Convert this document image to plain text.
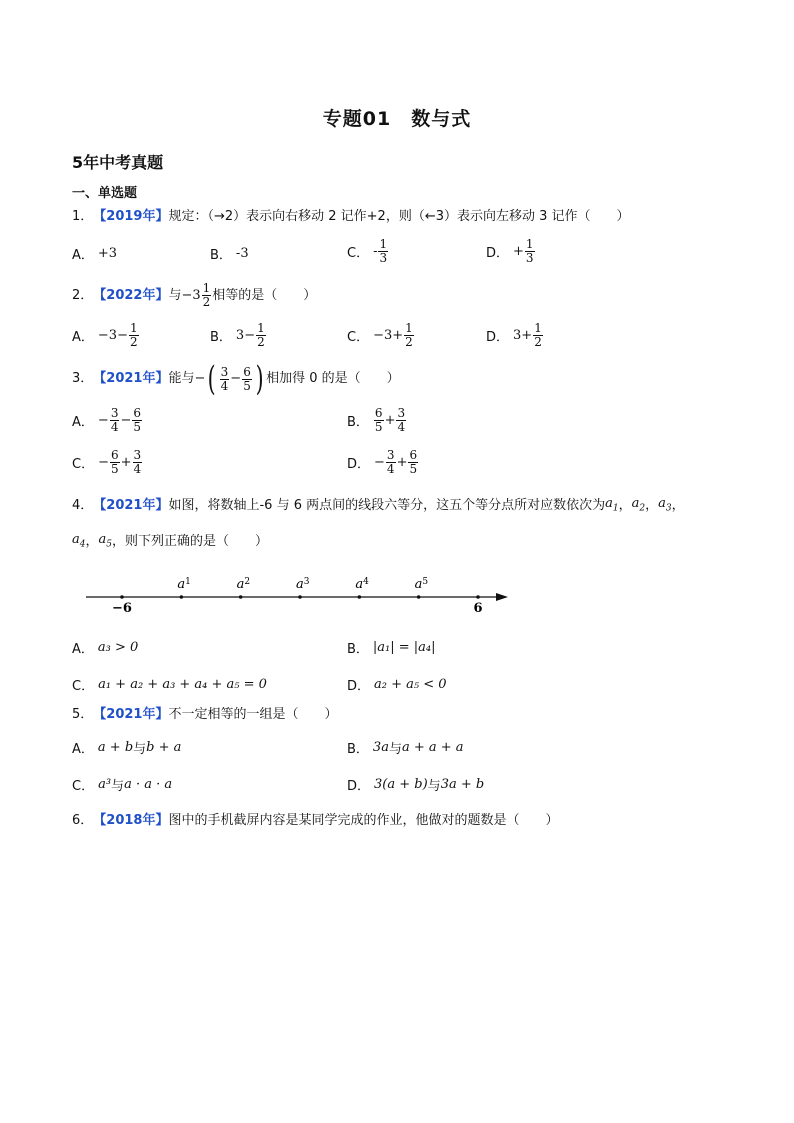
专题01　数与式
5年中考真题
一、单选题
1． 【2019年】 规定：（→2）表示向右移动 2 记作+2，则（←3）表示向左移动 3 记作（　　）
A． +3	B． -3	C． - $\frac{1}{3}$	D． + $\frac{1}{3}$
2． 【2022年】 与 $-3 \frac{1}{2}$ 相等的是（　　）
A． $-3- \frac{1}{2}$	B． $3- \frac{1}{2}$	C． $-3+ \frac{1}{2}$	D． $3+ \frac{1}{2}$
3． 【2021年】 能与 − ( $\frac{3}{4} - \frac{6}{5}$ ) 相加得 0 的是（　　）
A． − $\frac{3}{4} - \frac{6}{5}$	B． $\frac{6}{5} + \frac{3}{4}$
C． − $\frac{6}{5} + \frac{3}{4}$	D． − $\frac{3}{4} + \frac{6}{5}$
4． 【2021年】 如图，将数轴上-6 与 6 两点间的线段六等分，这五个等分点所对应数依次为 $a_1$ ， $a_2$ ， $a_3$ ，
$a_4$ ， $a_5$ ，则下列正确的是（　　）
$a^1$	$a^2$	$a^3$	$a^4$	$a^5$
−6	6
A． a₃ > 0	B． |a₁| = |a₄|
C． a₁ + a₂ + a₃ + a₄ + a₅ = 0	D． a₂ + a₅ < 0
5． 【2021年】 不一定相等的一组是（　　）
A． a + b 与 b + a	B． 3a 与 a + a + a
C． a³ 与 a · a · a	D． 3(a + b) 与 3a + b
6． 【2018年】 图中的手机截屏内容是某同学完成的作业，他做对的题数是（　　）
